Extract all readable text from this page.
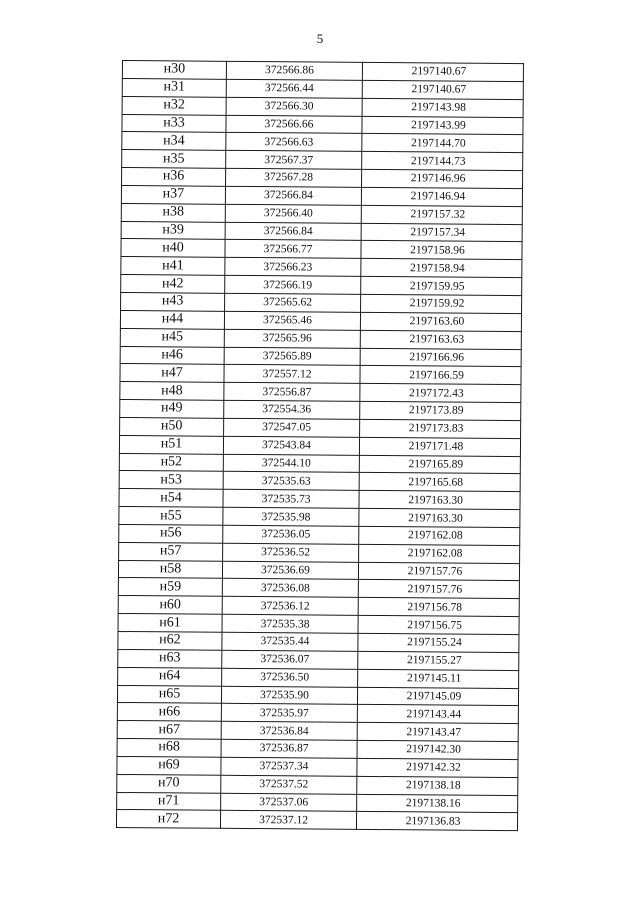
5
н30	372566.86	2197140.67
н31	372566.44	2197140.67
н32	372566.30	2197143.98
н33	372566.66	2197143.99
н34	372566.63	2197144.70
н35	372567.37	2197144.73
н36	372567.28	2197146.96
н37	372566.84	2197146.94
н38	372566.40	2197157.32
н39	372566.84	2197157.34
н40	372566.77	2197158.96
н41	372566.23	2197158.94
н42	372566.19	2197159.95
н43	372565.62	2197159.92
н44	372565.46	2197163.60
н45	372565.96	2197163.63
н46	372565.89	2197166.96
н47	372557.12	2197166.59
н48	372556.87	2197172.43
н49	372554.36	2197173.89
н50	372547.05	2197173.83
н51	372543.84	2197171.48
н52	372544.10	2197165.89
н53	372535.63	2197165.68
н54	372535.73	2197163.30
н55	372535.98	2197163.30
н56	372536.05	2197162.08
н57	372536.52	2197162.08
н58	372536.69	2197157.76
н59	372536.08	2197157.76
н60	372536.12	2197156.78
н61	372535.38	2197156.75
н62	372535.44	2197155.24
н63	372536.07	2197155.27
н64	372536.50	2197145.11
н65	372535.90	2197145.09
н66	372535.97	2197143.44
н67	372536.84	2197143.47
н68	372536.87	2197142.30
н69	372537.34	2197142.32
н70	372537.52	2197138.18
н71	372537.06	2197138.16
н72	372537.12	2197136.83
